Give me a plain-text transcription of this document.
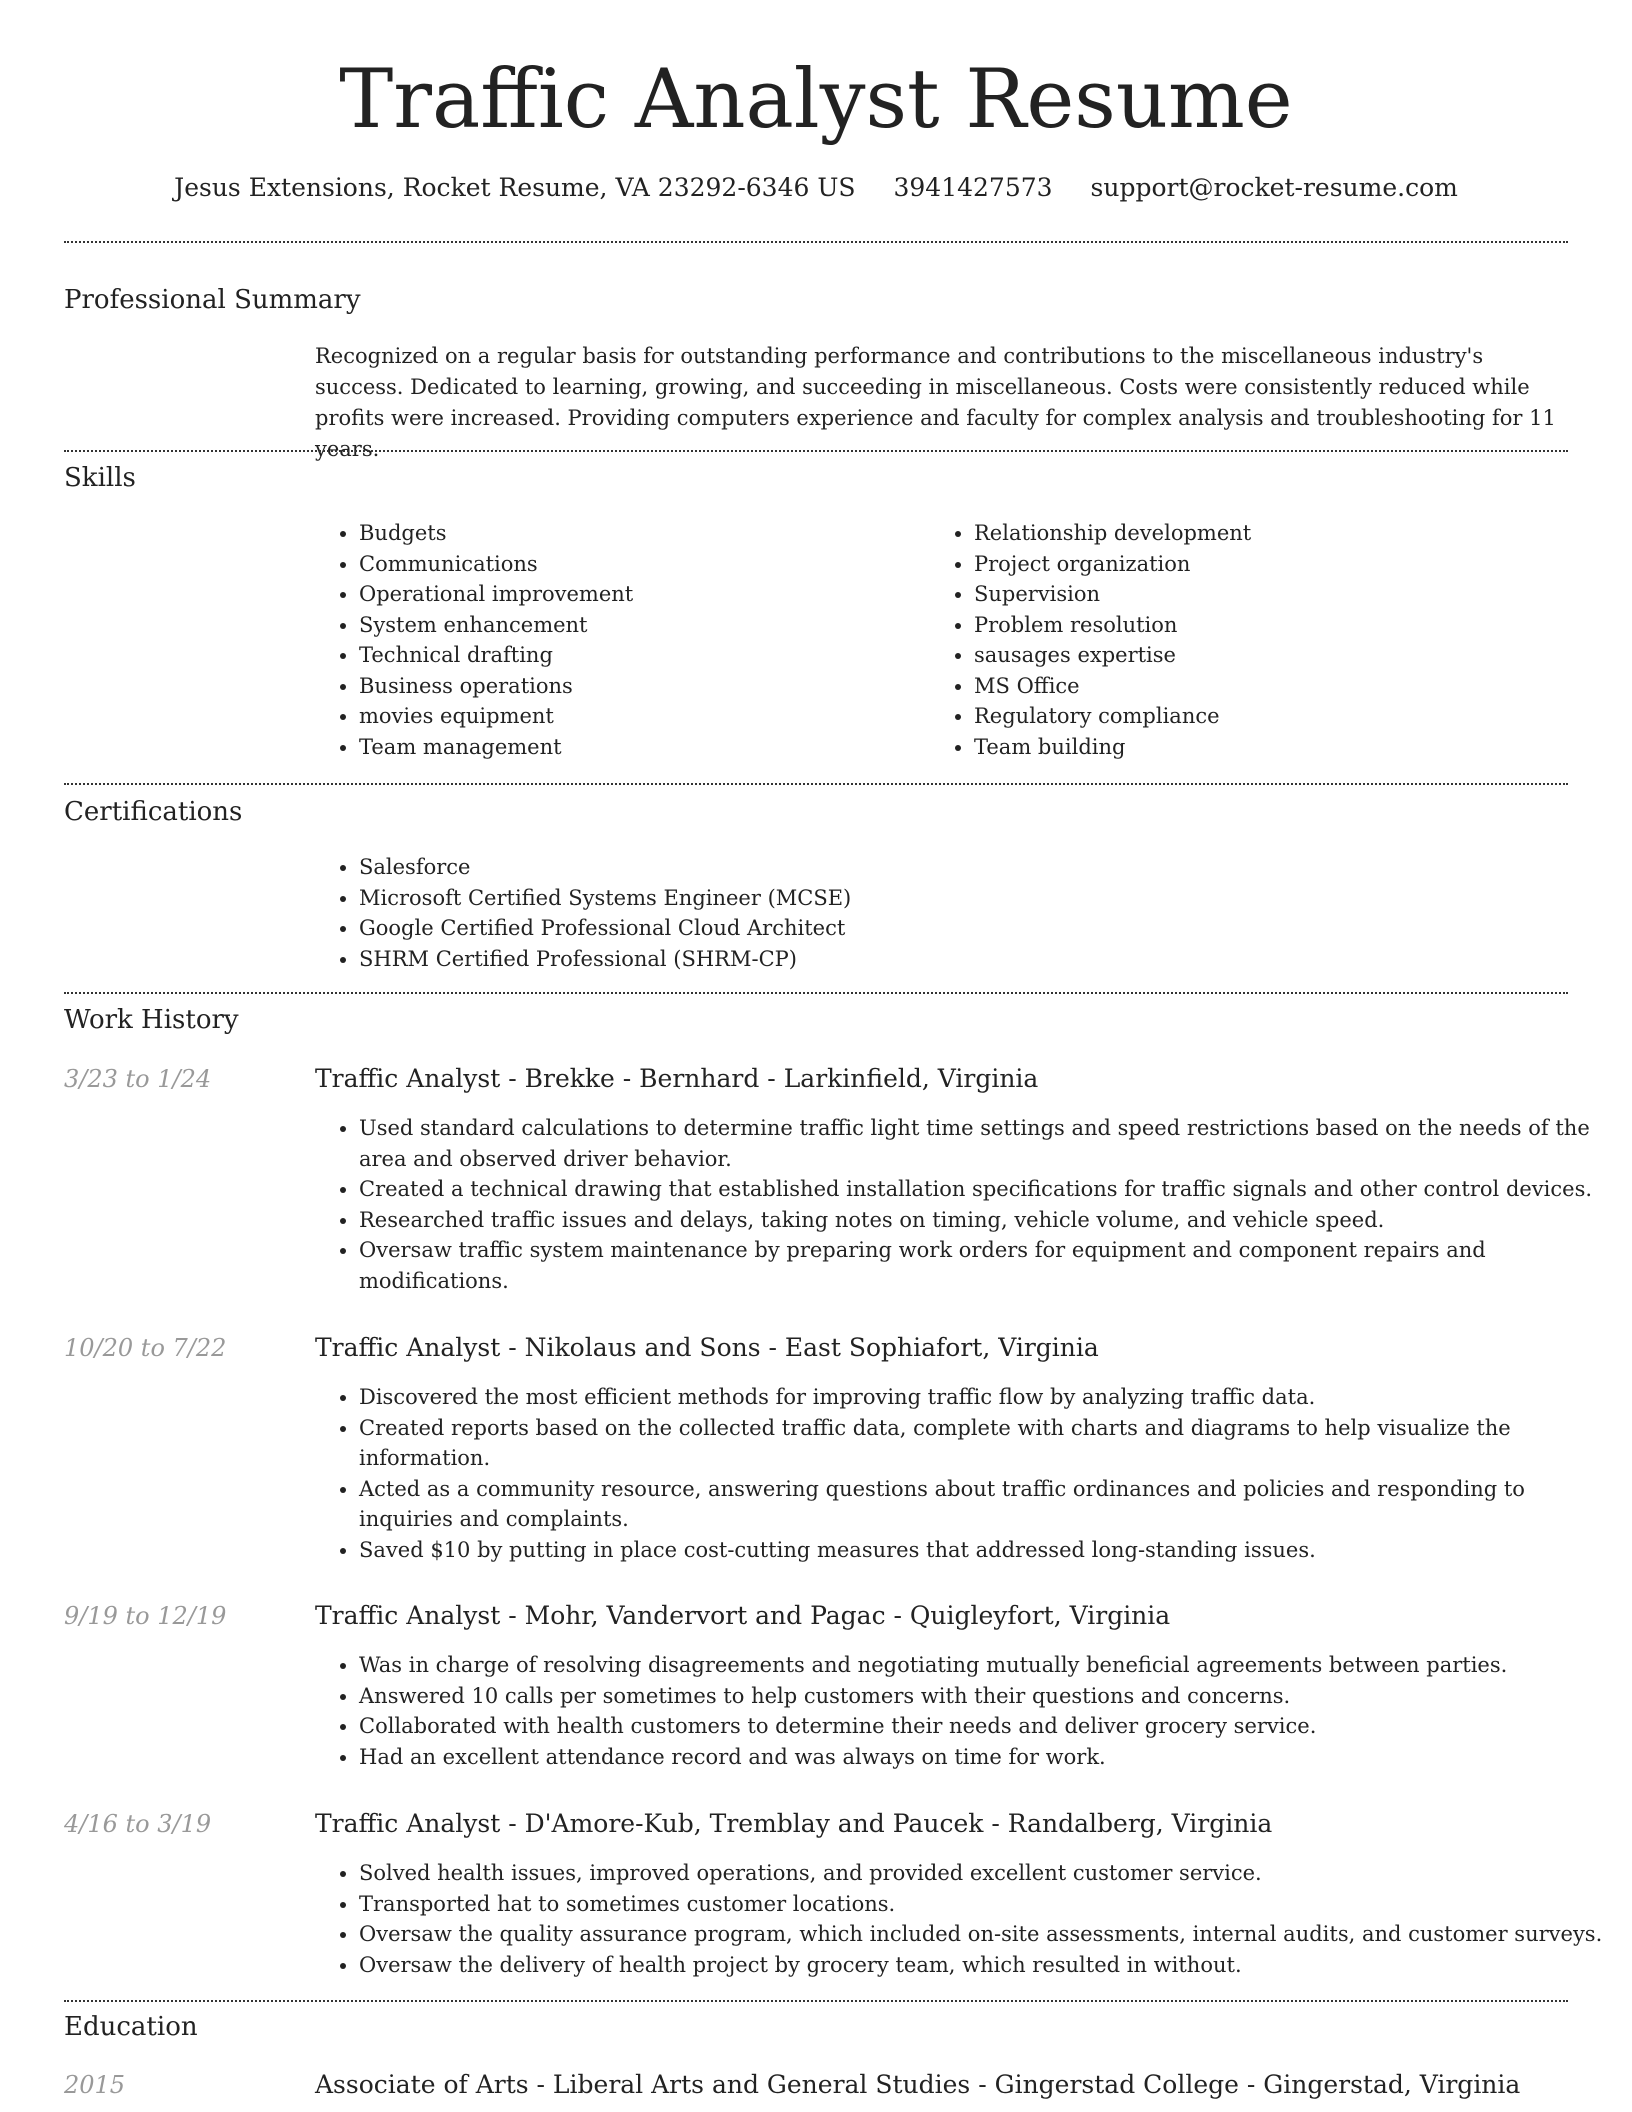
Traffic Analyst Resume
Jesus Extensions, Rocket Resume, VA 23292-6346 US 3941427573 support@rocket-resume.com
Professional Summary
Recognized on a regular basis for outstanding performance and contributions to the miscellaneous industry's success. Dedicated to learning, growing, and succeeding in miscellaneous. Costs were consistently reduced while profits were increased. Providing computers experience and faculty for complex analysis and troubleshooting for 11 years.
Skills
• Budgets
• Communications
• Operational improvement
• System enhancement
• Technical drafting
• Business operations
• movies equipment
• Team management
• Relationship development
• Project organization
• Supervision
• Problem resolution
• sausages expertise
• MS Office
• Regulatory compliance
• Team building
Certifications
• Salesforce
• Microsoft Certified Systems Engineer (MCSE)
• Google Certified Professional Cloud Architect
• SHRM Certified Professional (SHRM-CP)
Work History
3/23 to 1/24	Traffic Analyst - Brekke - Bernhard - Larkinfield, Virginia
• Used standard calculations to determine traffic light time settings and speed restrictions based on the needs of the area and observed driver behavior.
• Created a technical drawing that established installation specifications for traffic signals and other control devices.
• Researched traffic issues and delays, taking notes on timing, vehicle volume, and vehicle speed.
• Oversaw traffic system maintenance by preparing work orders for equipment and component repairs and modifications.
10/20 to 7/22	Traffic Analyst - Nikolaus and Sons - East Sophiafort, Virginia
• Discovered the most efficient methods for improving traffic flow by analyzing traffic data.
• Created reports based on the collected traffic data, complete with charts and diagrams to help visualize the information.
• Acted as a community resource, answering questions about traffic ordinances and policies and responding to inquiries and complaints.
• Saved $10 by putting in place cost-cutting measures that addressed long-standing issues.
9/19 to 12/19	Traffic Analyst - Mohr, Vandervort and Pagac - Quigleyfort, Virginia
• Was in charge of resolving disagreements and negotiating mutually beneficial agreements between parties.
• Answered 10 calls per sometimes to help customers with their questions and concerns.
• Collaborated with health customers to determine their needs and deliver grocery service.
• Had an excellent attendance record and was always on time for work.
4/16 to 3/19	Traffic Analyst - D'Amore-Kub, Tremblay and Paucek - Randalberg, Virginia
• Solved health issues, improved operations, and provided excellent customer service.
• Transported hat to sometimes customer locations.
• Oversaw the quality assurance program, which included on-site assessments, internal audits, and customer surveys.
• Oversaw the delivery of health project by grocery team, which resulted in without.
Education
2015	Associate of Arts - Liberal Arts and General Studies - Gingerstad College - Gingerstad, Virginia
